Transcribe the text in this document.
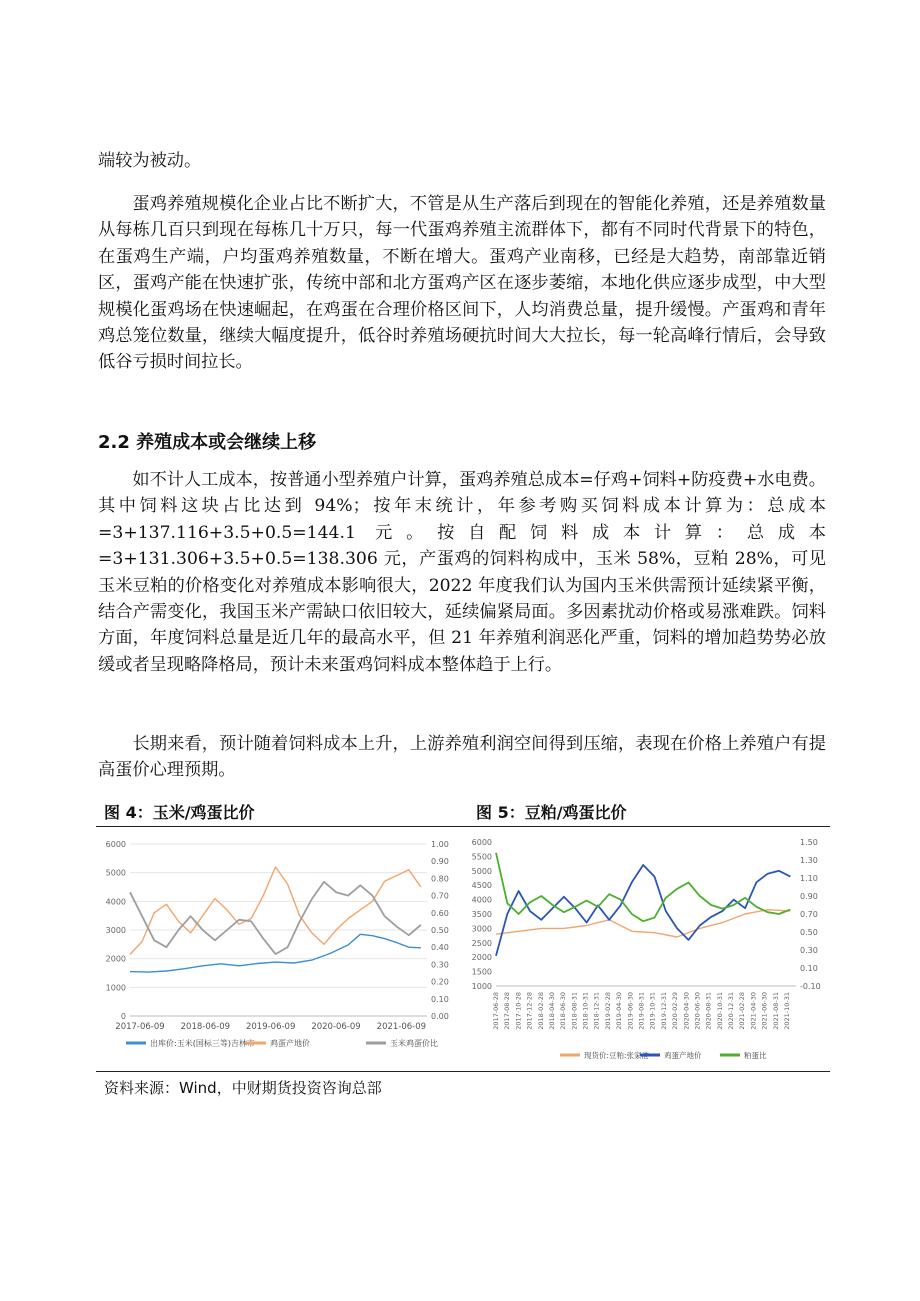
端较为被动。

蛋鸡养殖规模化企业占比不断扩大，不管是从生产落后到现在的智能化养殖，还是养殖数量从每栋几百只到现在每栋几十万只，每一代蛋鸡养殖主流群体下，都有不同时代背景下的特色，在蛋鸡生产端，户均蛋鸡养殖数量，不断在增大。蛋鸡产业南移，已经是大趋势，南部靠近销区，蛋鸡产能在快速扩张，传统中部和北方蛋鸡产区在逐步萎缩，本地化供应逐步成型，中大型规模化蛋鸡场在快速崛起，在鸡蛋在合理价格区间下，人均消费总量，提升缓慢。产蛋鸡和青年鸡总笼位数量，继续大幅度提升，低谷时养殖场硬抗时间大大拉长，每一轮高峰行情后，会导致低谷亏损时间拉长。

2.2 养殖成本或会继续上移

如不计人工成本，按普通小型养殖户计算，蛋鸡养殖总成本=仔鸡+饲料+防疫费+水电费。其中饲料这块占比达到 94%；按年末统计，年参考购买饲料成本计算为：总成本=3+137.116+3.5+0.5=144.1 元。按自配饲料成本计算：总成本=3+131.306+3.5+0.5=138.306 元，产蛋鸡的饲料构成中，玉米 58%，豆粕 28%，可见玉米豆粕的价格变化对养殖成本影响很大，2022 年度我们认为国内玉米供需预计延续紧平衡，结合产需变化，我国玉米产需缺口依旧较大，延续偏紧局面。多因素扰动价格或易涨难跌。饲料方面，年度饲料总量是近几年的最高水平，但 21 年养殖利润恶化严重，饲料的增加趋势势必放缓或者呈现略降格局，预计未来蛋鸡饲料成本整体趋于上行。

长期来看，预计随着饲料成本上升，上游养殖利润空间得到压缩，表现在价格上养殖户有提高蛋价心理预期。

图 4：玉米/鸡蛋比价	图 5：豆粕/鸡蛋比价

0
1000
2000
3000
4000
5000
6000
0.00
0.10
0.20
0.30
0.40
0.50
0.60
0.70
0.80
0.90
1.00
2017-06-09 2018-06-09 2019-06-09 2020-06-09 2021-06-09
出库价:玉米(国标三等)吉林市 鸡蛋产地价	玉米鸡蛋价比
1000
1500
2000
2500
3000
3500
4000
4500
5000
5500
6000
-0.10
0.10
0.30
0.50
0.70
0.90
1.10
1.30
1.50
2017-06-28 2017-08-28 2017-10-28 2017-12-28 2018-02-28 2018-04-30 2018-06-30 2018-08-31 2018-10-31 2018-12-31 2019-02-28 2019-04-30 2019-06-30 2019-08-31 2019-10-31 2019-12-31 2020-02-29 2020-04-30 2020-06-30 2020-08-31 2020-10-31 2020-12-31 2021-02-28 2021-04-30 2021-06-30 2021-08-31 2021-10-31
现货价:豆粕:张家港 鸡蛋产地价	粕蛋比

资料来源：Wind，中财期货投资咨询总部
